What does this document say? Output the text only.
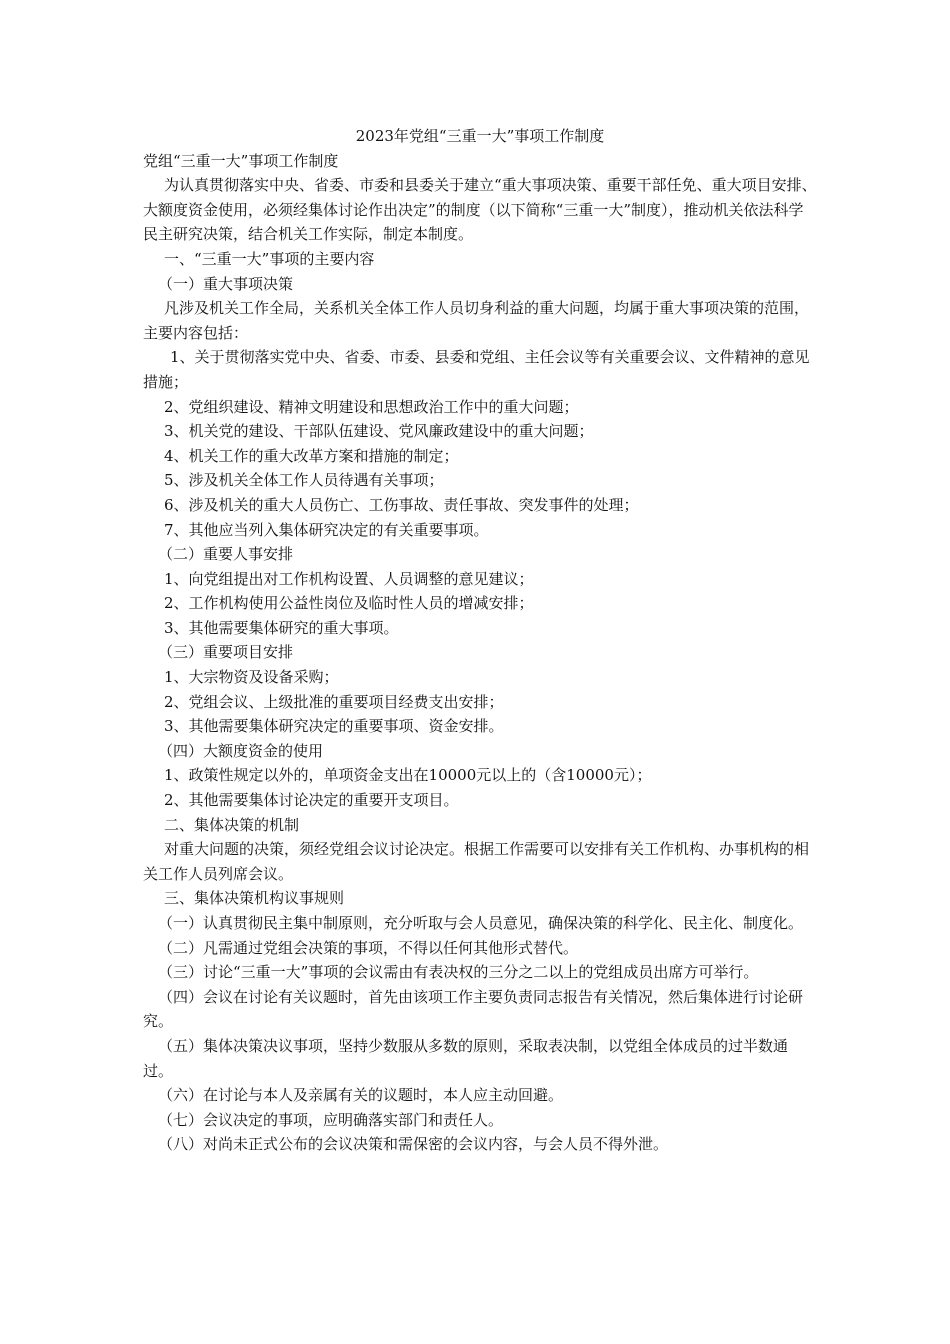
2023年党组“三重一大”事项工作制度

党组“三重一大”事项工作制度

为认真贯彻落实中央、省委、市委和县委关于建立“重大事项决策、重要干部任免、重大项目安排、大额度资金使用，必须经集体讨论作出决定”的制度（以下简称“三重一大”制度），推动机关依法科学民主研究决策，结合机关工作实际，制定本制度。

一、“三重一大”事项的主要内容

（一）重大事项决策

凡涉及机关工作全局，关系机关全体工作人员切身利益的重大问题，均属于重大事项决策的范围，主要内容包括：

1、关于贯彻落实党中央、省委、市委、县委和党组、主任会议等有关重要会议、文件精神的意见措施；

2、党组织建设、精神文明建设和思想政治工作中的重大问题；

3、机关党的建设、干部队伍建设、党风廉政建设中的重大问题；

4、机关工作的重大改革方案和措施的制定；

5、涉及机关全体工作人员待遇有关事项；

6、涉及机关的重大人员伤亡、工伤事故、责任事故、突发事件的处理；

7、其他应当列入集体研究决定的有关重要事项。

（二）重要人事安排

1、向党组提出对工作机构设置、人员调整的意见建议；

2、工作机构使用公益性岗位及临时性人员的增减安排；

3、其他需要集体研究的重大事项。

（三）重要项目安排

1、大宗物资及设备采购；

2、党组会议、上级批准的重要项目经费支出安排；

3、其他需要集体研究决定的重要事项、资金安排。

（四）大额度资金的使用

1、政策性规定以外的，单项资金支出在10000元以上的（含10000元）；

2、其他需要集体讨论决定的重要开支项目。

二、集体决策的机制

对重大问题的决策，须经党组会议讨论决定。根据工作需要可以安排有关工作机构、办事机构的相关工作人员列席会议。

三、集体决策机构议事规则

（一）认真贯彻民主集中制原则，充分听取与会人员意见，确保决策的科学化、民主化、制度化。

（二）凡需通过党组会决策的事项，不得以任何其他形式替代。

（三）讨论“三重一大”事项的会议需由有表决权的三分之二以上的党组成员出席方可举行。

（四）会议在讨论有关议题时，首先由该项工作主要负责同志报告有关情况，然后集体进行讨论研究。

（五）集体决策决议事项，坚持少数服从多数的原则，采取表决制，以党组全体成员的过半数通过。

（六）在讨论与本人及亲属有关的议题时，本人应主动回避。

（七）会议决定的事项，应明确落实部门和责任人。

（八）对尚未正式公布的会议决策和需保密的会议内容，与会人员不得外泄。
